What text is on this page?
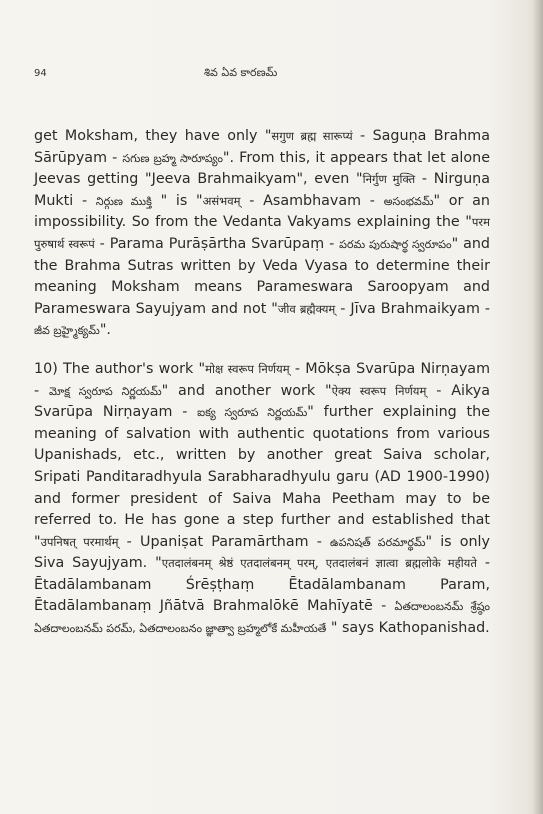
94	శివ ఏవ కారణమ్

get Moksham, they have only "सगुण ब्रह्म सारूप्यं - Saguṇa Brahma Sārūpyam - సగుణ బ్రహ్మ సారూప్యం". From this, it appears that let alone Jeevas getting "Jeeva Brahmaikyam", even "निर्गुण मुक्ति - Nirguṇa Mukti - నిర్గుణ ముక్తి " is "असंभवम् - Asambhavam - అసంభవమ్" or an impossibility. So from the Vedanta Vakyams explaining the "परम पुरुषार्थ स्वरूपं - Parama Purāṣārtha Svarūpaṃ - పరమ పురుషార్థ స్వరూపం" and the Brahma Sutras written by Veda Vyasa to determine their meaning Moksham means Parameswara Saroopyam and Parameswara Sayujyam and not "जीव ब्रह्मैक्यम् - Jīva Brahmaikyam - జీవ బ్రహ్మైక్యమ్".

10) The author's work "मोक्ष स्वरूप निर्णयम् - Mōkṣa Svarūpa Nirṇayam - మోక్ష స్వరూప నిర్ణయమ్" and another work "ऐक्य स्वरूप निर्णयम् - Aikya Svarūpa Nirṇayam - ఐక్య స్వరూప నిర్ణయమ్" further explaining the meaning of salvation with authentic quotations from various Upanishads, etc., written by another great Saiva scholar, Sripati Panditaradhyula Sarabharadhyulu garu (AD 1900-1990) and former president of Saiva Maha Peetham may to be referred to. He has gone a step further and established that "उपनिषत् परमार्थम् - Upaniṣat Paramārtham - ఉపనిషత్ పరమార్థమ్" is only Siva Sayujyam. "एतदालंबनम् श्रेष्ठं एतदालंबनम् परम्, एतदालंबनं ज्ञात्वा ब्रह्मलोके महीयते - Ētadālambanam Śrēṣṭhaṃ Ētadālambanam Param, Ētadālambanaṃ Jñātvā Brahmalōkē Mahīyatē - ఏతదాలంబనమ్ శ్రేష్ఠం ఏతదాలంబనమ్ పరమ్, ఏతదాలంబనం జ్ఞాత్వా బ్రహ్మలోకే మహీయతే " says Kathopanishad.
